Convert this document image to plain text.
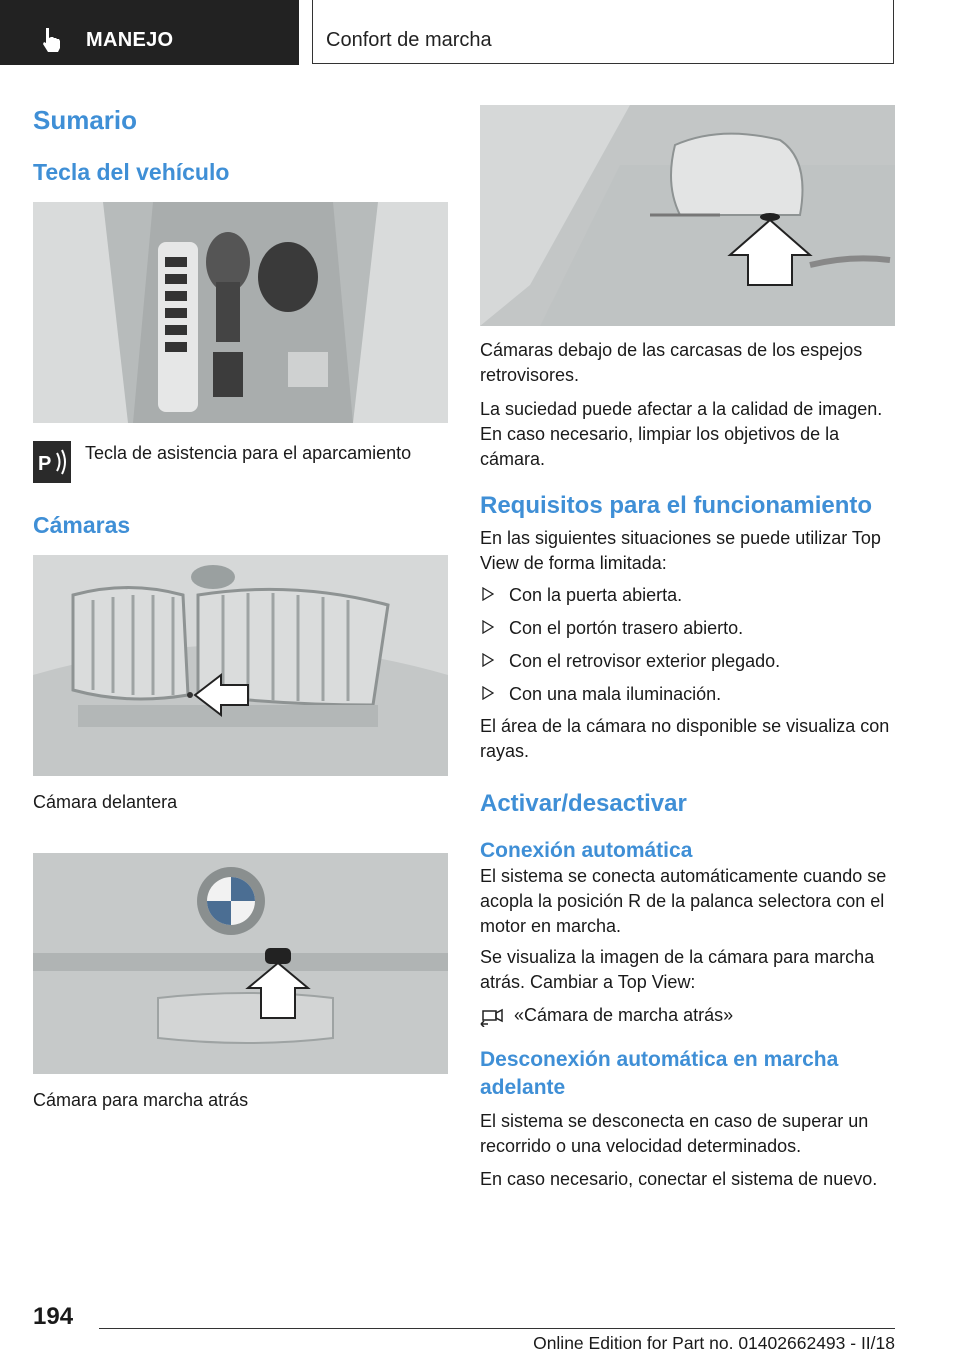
MANEJO	Confort de marcha
Sumario
Tecla del vehículo
P Tecla de asistencia para el aparcamiento
Cámaras

Cámara delantera

Cámara para marcha atrás

Cámaras debajo de las carcasas de los espejos retrovisores.

La suciedad puede afectar a la calidad de imagen. En caso necesario, limpiar los objetivos de la cámara.

Requisitos para el funcionamiento

En las siguientes situaciones se puede utilizar Top View de forma limitada:

Con la puerta abierta.
Con el portón trasero abierto.
Con el retrovisor exterior plegado.
Con una mala iluminación.

El área de la cámara no disponible se visualiza con rayas.

Activar/desactivar
Conexión automática

El sistema se conecta automáticamente cuando se acopla la posición R de la palanca selectora con el motor en marcha.

Se visualiza la imagen de la cámara para marcha atrás. Cambiar a Top View:

«Cámara de marcha atrás»
Desconexión automática en marcha adelante

El sistema se desconecta en caso de superar un recorrido o una velocidad determinados.

En caso necesario, conectar el sistema de nuevo.

194
Online Edition for Part no. 01402662493 - II/18
